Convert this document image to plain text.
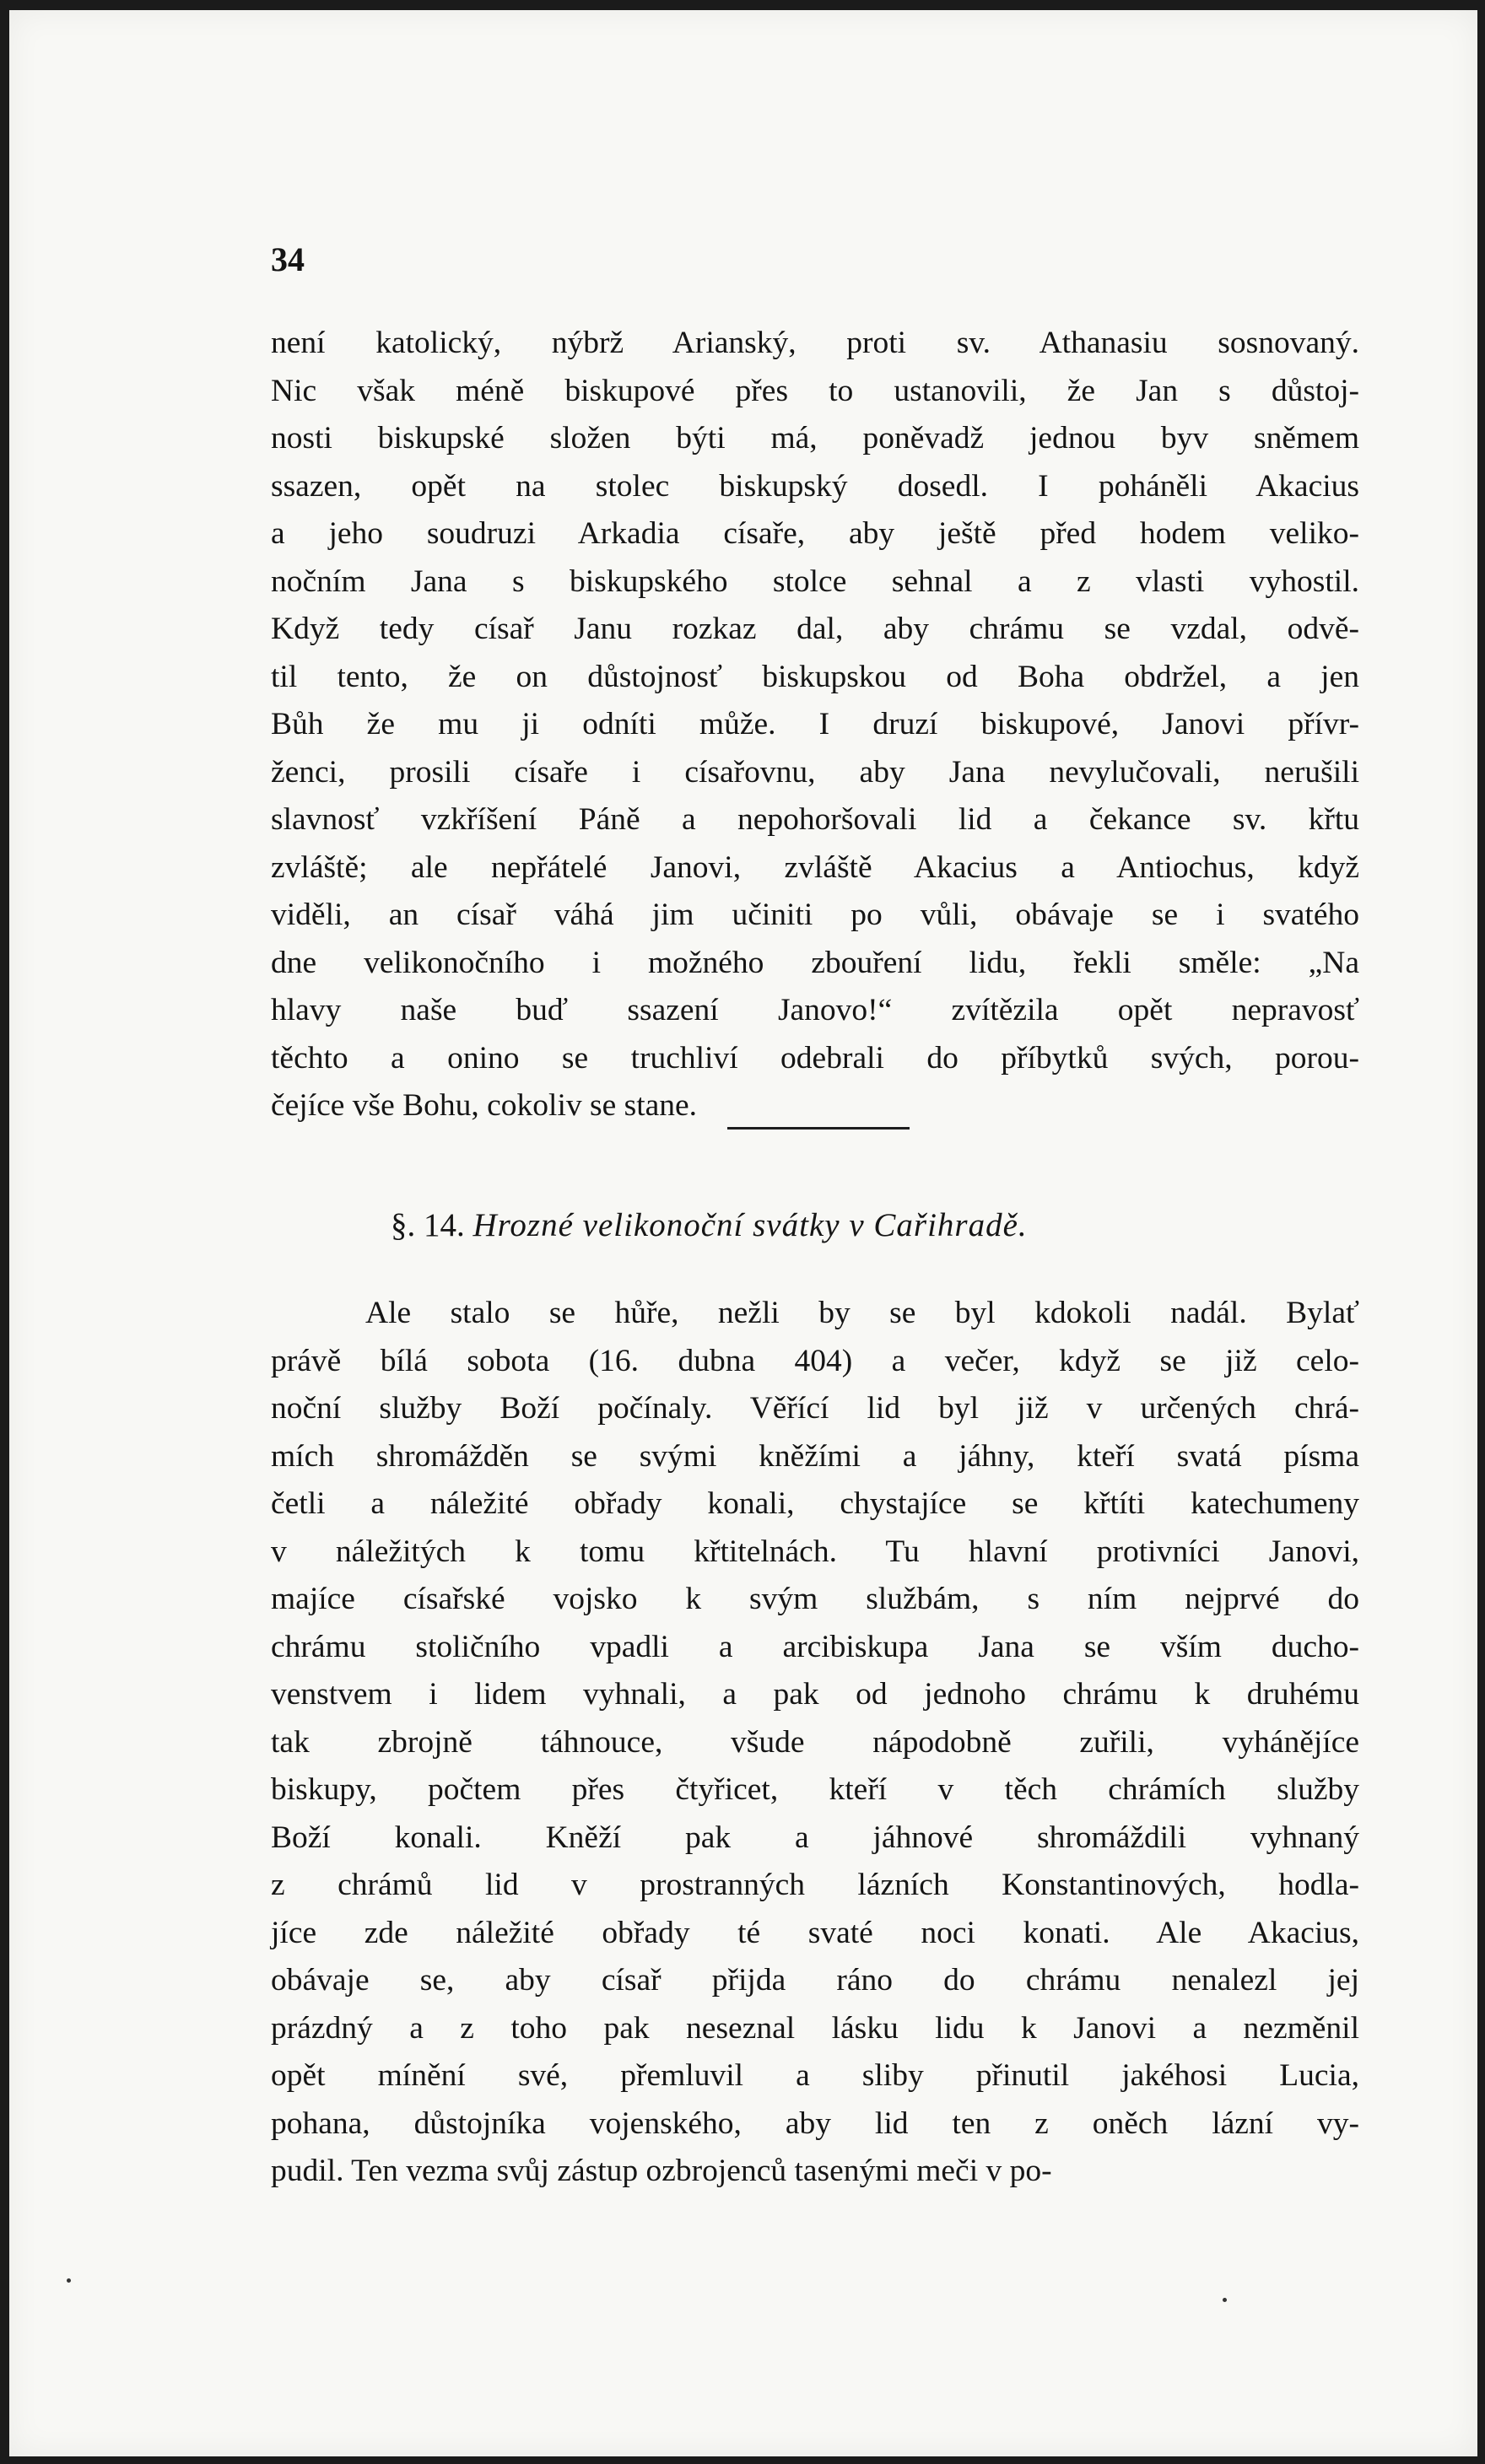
34
není katolický, nýbrž Arianský, proti sv. Athanasiu sosnovaný.
Nic však méně biskupové přes to ustanovili, že Jan s důstoj-
nosti biskupské složen býti má, poněvadž jednou byv sněmem
ssazen, opět na stolec biskupský dosedl. I poháněli Akacius
a jeho soudruzi Arkadia císaře, aby ještě před hodem veliko-
nočním Jana s biskupského stolce sehnal a z vlasti vyhostil.
Když tedy císař Janu rozkaz dal, aby chrámu se vzdal, odvě-
til tento, že on důstojnosť biskupskou od Boha obdržel, a jen
Bůh že mu ji odníti může. I druzí biskupové, Janovi přívr-
ženci, prosili císaře i císařovnu, aby Jana nevylučovali, nerušili
slavnosť vzkříšení Páně a nepohoršovali lid a čekance sv. křtu
zvláště; ale nepřátelé Janovi, zvláště Akacius a Antiochus, když
viděli, an císař váhá jim učiniti po vůli, obávaje se i svatého
dne velikonočního i možného zbouření lidu, řekli směle: „Na
hlavy naše buď ssazení Janovo!“ zvítězila opět nepravosť
těchto a onino se truchliví odebrali do příbytků svých, porou-
čejíce vše Bohu, cokoliv se stane.
§. 14. Hrozné velikonoční svátky v Cařihradě.
Ale stalo se hůře, nežli by se byl kdokoli nadál. Bylať
právě bílá sobota (16. dubna 404) a večer, když se již celo-
noční služby Boží počínaly. Věřící lid byl již v určených chrá-
mích shromážděn se svými kněžími a jáhny, kteří svatá písma
četli a náležité obřady konali, chystajíce se křtíti katechumeny
v náležitých k tomu křtitelnách. Tu hlavní protivníci Janovi,
majíce císařské vojsko k svým službám, s ním nejprvé do
chrámu stoličního vpadli a arcibiskupa Jana se vším ducho-
venstvem i lidem vyhnali, a pak od jednoho chrámu k druhému
tak zbrojně táhnouce, všude nápodobně zuřili, vyhánějíce
biskupy, počtem přes čtyřicet, kteří v těch chrámích služby
Boží konali. Kněží pak a jáhnové shromáždili vyhnaný
z chrámů lid v prostranných lázních Konstantinových, hodla-
jíce zde náležité obřady té svaté noci konati. Ale Akacius,
obávaje se, aby císař přijda ráno do chrámu nenalezl jej
prázdný a z toho pak neseznal lásku lidu k Janovi a nezměnil
opět mínění své, přemluvil a sliby přinutil jakéhosi Lucia,
pohana, důstojníka vojenského, aby lid ten z oněch lázní vy-
pudil. Ten vezma svůj zástup ozbrojenců tasenými meči v po-
